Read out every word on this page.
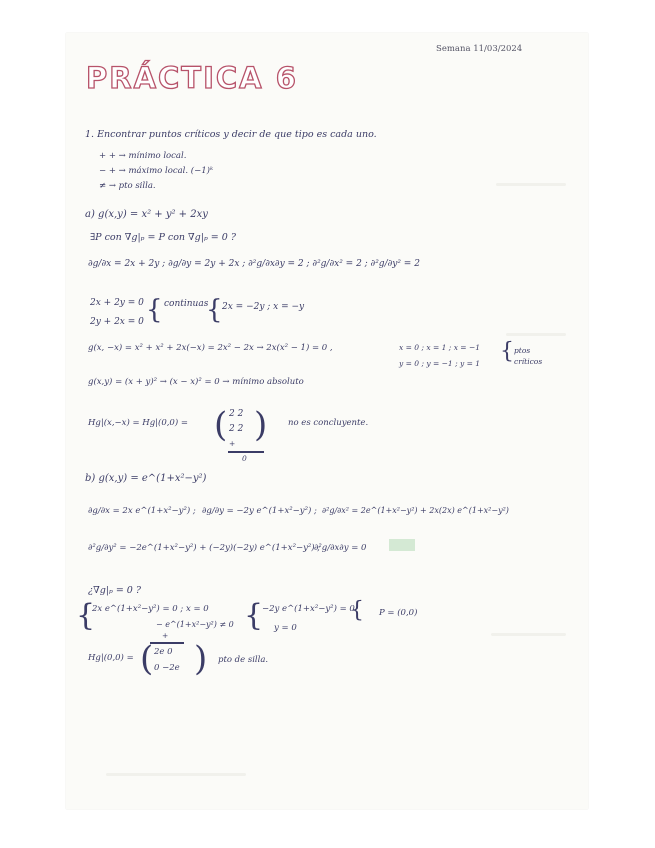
Semana 11/03/2024
PRÁCTICA 6
1. Encontrar puntos críticos y decir de que tipo es cada uno.
+ + → mínimo local.
− + → máximo local. (−1)ᵏ
≠ → pto silla.
a) g(x,y) = x² + y² + 2xy
∃P con ∇g|ₚ = P con ∇g|ₚ = 0 ?
∂g/∂x = 2x + 2y ; ∂g/∂y = 2y + 2x ; ∂²g/∂x∂y = 2 ; ∂²g/∂x² = 2 ; ∂²g/∂y² = 2
2x + 2y = 0
2y + 2x = 0 { continuas
{ 2x = −2y ; x = −y
g(x, −x) = x² + x² + 2x(−x) = 2x² − 2x → 2x(x² − 1) = 0 ,	x = 0 ; x = 1 ; x = −1
y = 0 ; y = −1 ; y = 1 { ptos críticos
g(x,y) = (x + y)² → (x − x)² = 0 → mínimo absoluto
Hg|(x,−x) = Hg|(0,0) = ( 2 2
2 2 ) no es concluyente.
+
0
b) g(x,y) = e^(1+x²−y²)
∂g/∂x = 2x e^(1+x²−y²) ; ∂g/∂y = −2y e^(1+x²−y²) ; ∂²g/∂x² = 2e^(1+x²−y²) + 2x(2x) e^(1+x²−y²)
∂²g/∂y² = −2e^(1+x²−y²) + (−2y)(−2y) e^(1+x²−y²) ;
∂²g/∂x∂y = 0
¿∇g|ₚ = 0 ?
{
2x e^(1+x²−y²) = 0 ; x = 0
− e^(1+x²−y²) ≠ 0 {
−2y e^(1+x²−y²) = 0
y = 0
{ P = (0,0)
+
Hg|(0,0) = ( 2e 0
0 −2e ) pto de silla.
